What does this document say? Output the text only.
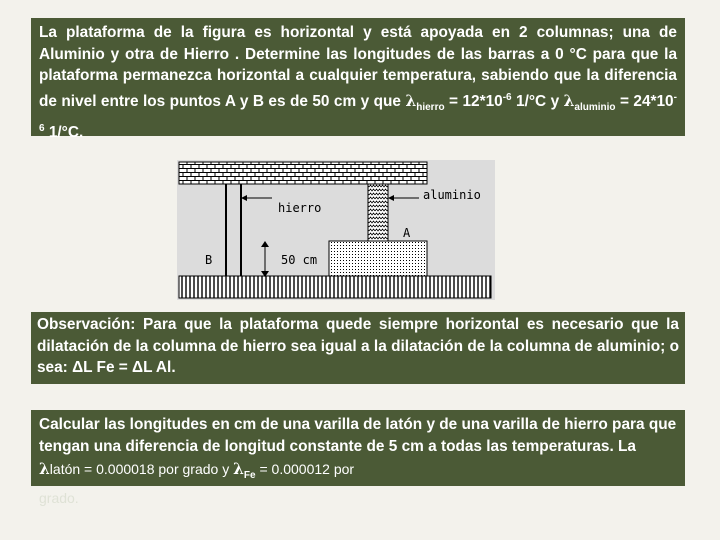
La plataforma de la figura es horizontal y está apoyada en 2 columnas; una de Aluminio y otra de Hierro . Determine las longitudes de las barras a 0 °C para que la plataforma permanezca horizontal a cualquier temperatura, sabiendo que la diferencia de nivel entre los puntos A y B es de 50 cm y que $\lambda_{hierro} = 12*10^{-6}$ 1/°C y $\lambda_{aluminio} = 24*10^{-6}$ 1/°C.
hierro
aluminio
A
B	50 cm
Observación: Para que la plataforma quede siempre horizontal es necesario que la dilatación de la columna de hierro sea igual a la dilatación de la columna de aluminio; o sea: ΔL Fe = ΔL Al.
Calcular las longitudes en cm de una varilla de latón y de una varilla de hierro para que tengan una diferencia de longitud constante de 5 cm a todas las temperaturas. La λlatón = 0.000018 por grado y $\lambda_{Fe} = 0.000012$ por
grado.
